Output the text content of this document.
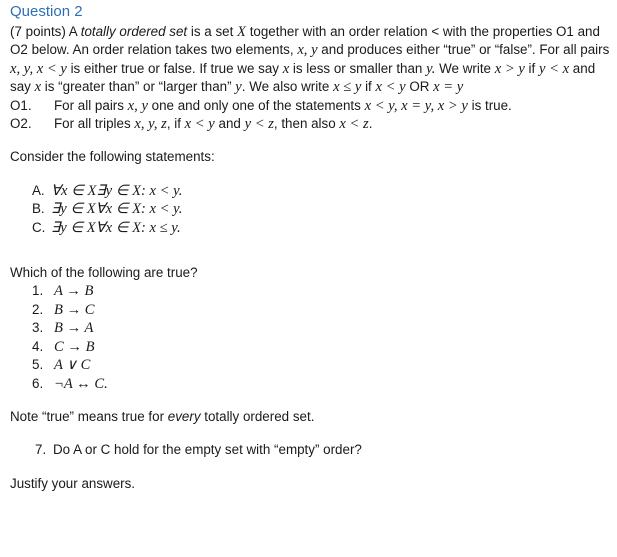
Question 2

(7 points) A totally ordered set is a set X together with an order relation < with the properties O1 and O2 below. An order relation takes two elements, x, y and produces either “true” or “false”. For all pairs x, y, x < y is either true or false. If true we say x is less or smaller than y. We write x > y if y < x and say x is “greater than” or “larger than” y. We also write x ≤ y if x < y OR x = y

O1.	For all pairs x, y one and only one of the statements x < y, x = y, x > y is true.
O2.	For all triples x, y, z, if x < y and y < z, then also x < z.

Consider the following statements:

A. ∀x ∈ X∃y ∈ X: x < y.
B. ∃y ∈ X∀x ∈ X: x < y.
C. ∃y ∈ X∀x ∈ X: x ≤ y.

Which of the following are true?

1. A → B
2. B → C
3. B → A
4. C → B
5. A ∨ C
6. ¬A ↔ C.

Note “true” means true for every totally ordered set.

7. Do A or C hold for the empty set with “empty” order?

Justify your answers.
